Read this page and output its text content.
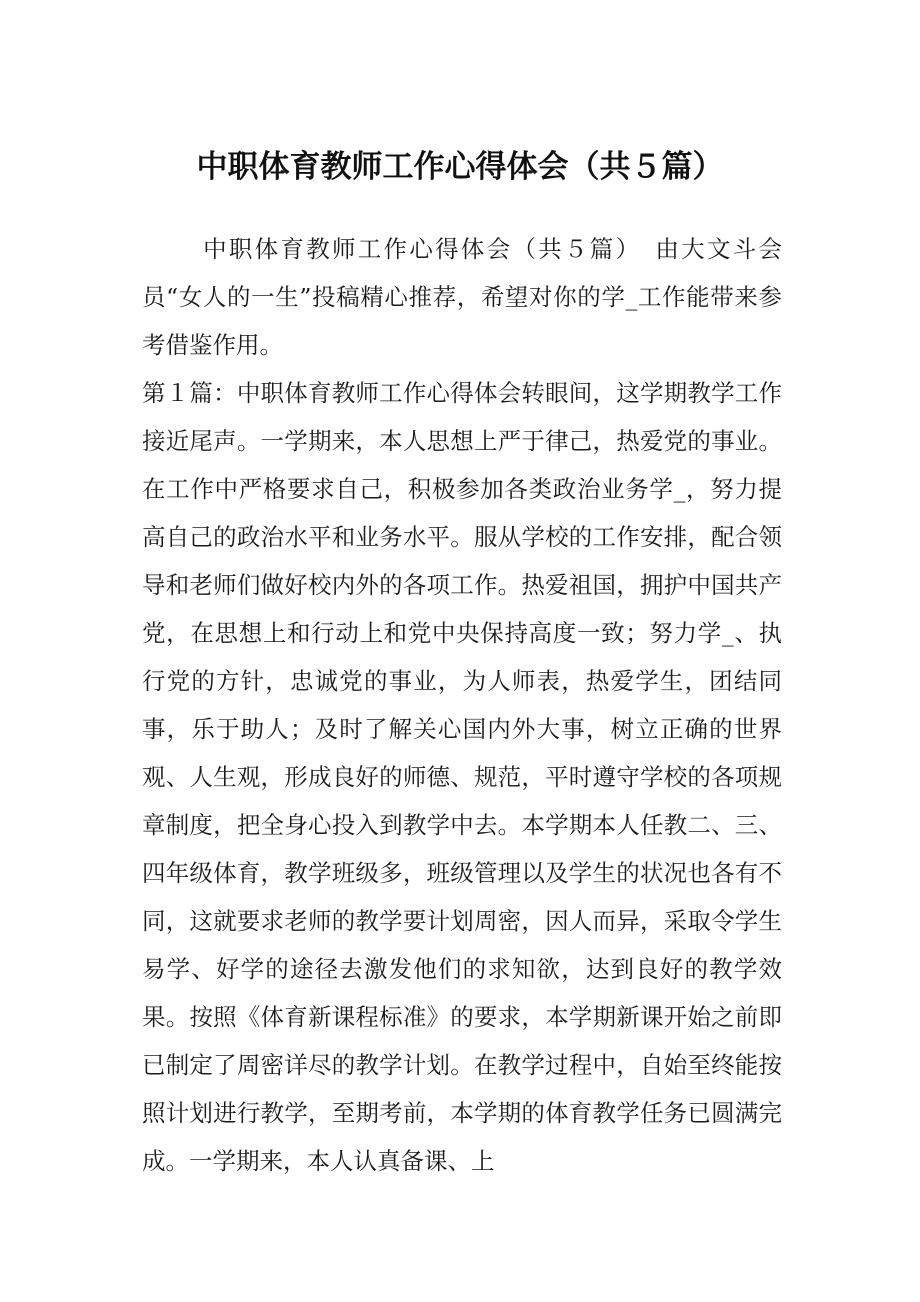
中职体育教师工作心得体会（共５篇）

中职体育教师工作心得体会（共５篇）　由大文斗会员“女人的一生”投稿精心推荐，希望对你的学_工作能带来参考借鉴作用。

第１篇：中职体育教师工作心得体会转眼间，这学期教学工作接近尾声。一学期来，本人思想上严于律己，热爱党的事业。在工作中严格要求自己，积极参加各类政治业务学_，努力提高自己的政治水平和业务水平。服从学校的工作安排，配合领导和老师们做好校内外的各项工作。热爱祖国，拥护中国共产党，在思想上和行动上和党中央保持高度一致；努力学_、执行党的方针，忠诚党的事业，为人师表，热爱学生，团结同事，乐于助人；及时了解关心国内外大事，树立正确的世界观、人生观，形成良好的师德、规范，平时遵守学校的各项规章制度，把全身心投入到教学中去。本学期本人任教二、三、四年级体育，教学班级多，班级管理以及学生的状况也各有不同，这就要求老师的教学要计划周密，因人而异，采取令学生易学、好学的途径去激发他们的求知欲，达到良好的教学效果。按照《体育新课程标准》的要求，本学期新课开始之前即已制定了周密详尽的教学计划。在教学过程中，自始至终能按照计划进行教学，至期考前，本学期的体育教学任务已圆满完成。一学期来，本人认真备课、上
